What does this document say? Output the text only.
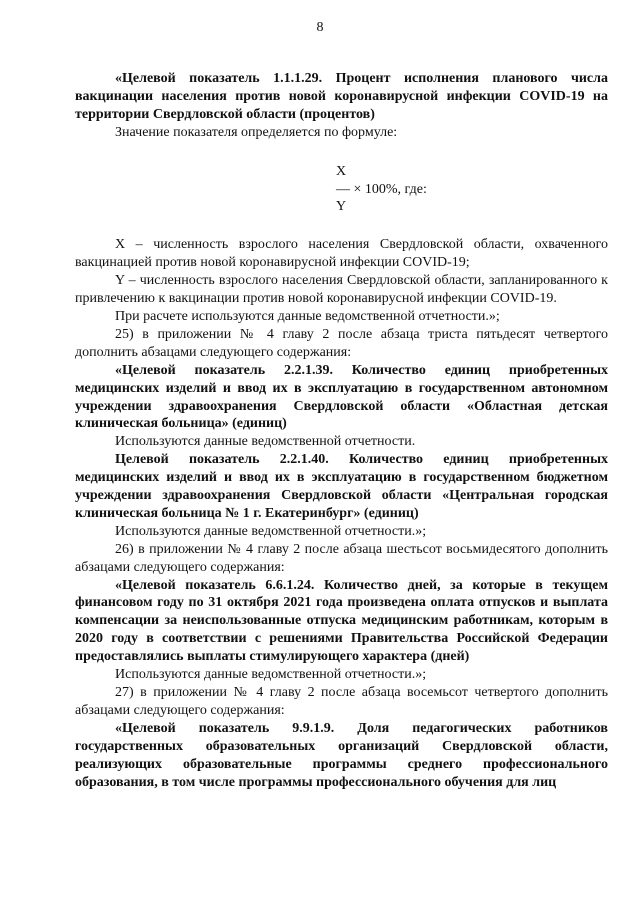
8

«Целевой показатель 1.1.1.29. Процент исполнения планового числа вакцинации населения против новой коронавирусной инфекции COVID-19 на территории Свердловской области (процентов)

Значение показателя определяется по формуле:

X
— × 100%, где:
Y

X – численность взрослого населения Свердловской области, охваченного вакцинацией против новой коронавирусной инфекции COVID-19;

Y – численность взрослого населения Свердловской области, запланированного к привлечению к вакцинации против новой коронавирусной инфекции COVID-19.

При расчете используются данные ведомственной отчетности.»;

25) в приложении № 4 главу 2 после абзаца триста пятьдесят четвертого дополнить абзацами следующего содержания:

«Целевой показатель 2.2.1.39. Количество единиц приобретенных медицинских изделий и ввод их в эксплуатацию в государственном автономном учреждении здравоохранения Свердловской области «Областная детская клиническая больница» (единиц)

Используются данные ведомственной отчетности.

Целевой показатель 2.2.1.40. Количество единиц приобретенных медицинских изделий и ввод их в эксплуатацию в государственном бюджетном учреждении здравоохранения Свердловской области «Центральная городская клиническая больница № 1 г. Екатеринбург» (единиц)

Используются данные ведомственной отчетности.»;

26) в приложении № 4 главу 2 после абзаца шестьсот восьмидесятого дополнить абзацами следующего содержания:

«Целевой показатель 6.6.1.24. Количество дней, за которые в текущем финансовом году по 31 октября 2021 года произведена оплата отпусков и выплата компенсации за неиспользованные отпуска медицинским работникам, которым в 2020 году в соответствии с решениями Правительства Российской Федерации предоставлялись выплаты стимулирующего характера (дней)

Используются данные ведомственной отчетности.»;

27) в приложении № 4 главу 2 после абзаца восемьсот четвертого дополнить абзацами следующего содержания:

«Целевой показатель 9.9.1.9. Доля педагогических работников государственных образовательных организаций Свердловской области, реализующих образовательные программы среднего профессионального образования, в том числе программы профессионального обучения для лиц
